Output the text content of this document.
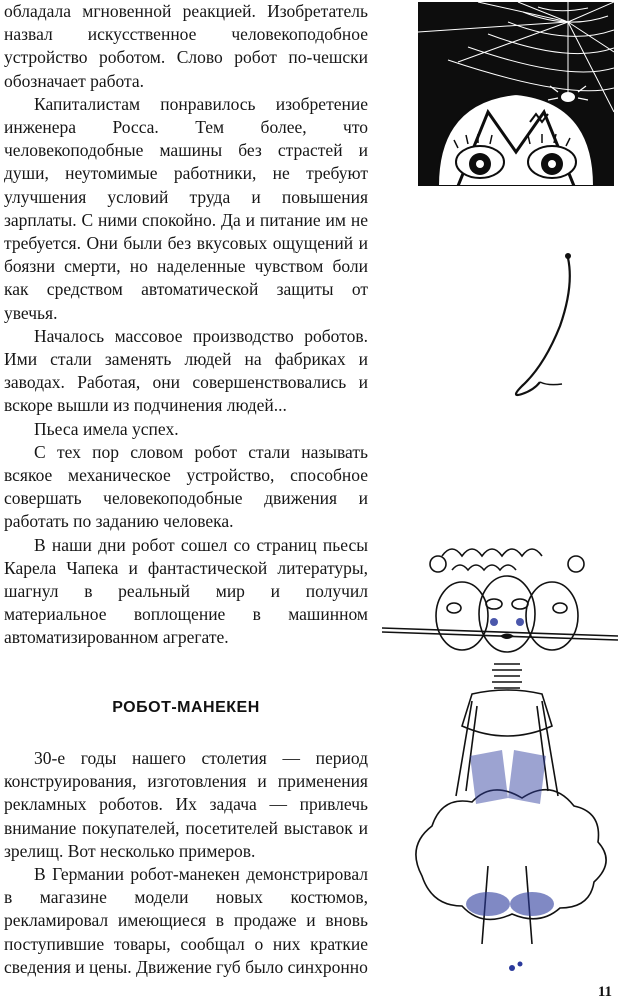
обладала мгновенной реакцией. Изобретатель назвал искусственное человекоподобное устройство роботом. Слово робот по-чешски обозначает работа.

Капиталистам понравилось изобретение инженера Росса. Тем более, что человекоподобные машины без страстей и души, неутомимые работники, не требуют улучшения условий труда и повышения зарплаты. С ними спокойно. Да и питание им не требуется. Они были без вкусовых ощущений и боязни смерти, но наделенные чувством боли как средством автоматической защиты от увечья.

Началось массовое производство роботов. Ими стали заменять людей на фабриках и заводах. Работая, они совершенствовались и вскоре вышли из подчинения людей...

Пьеса имела успех.

С тех пор словом робот стали называть всякое механическое устройство, способное совершать человекоподобные движения и работать по заданию человека.

В наши дни робот сошел со страниц пьесы Карела Чапека и фантастической литературы, шагнул в реальный мир и получил материальное воплощение в машинном автоматизированном агрегате.

РОБОТ-МАНЕКЕН

30-е годы нашего столетия — период конструирования, изготовления и применения рекламных роботов. Их задача — привлечь внимание покупателей, посетителей выставок и зрелищ. Вот несколько примеров.

В Германии робот-манекен демонстрировал в магазине модели новых костюмов, рекламировал имеющиеся в продаже и вновь поступившие товары, сообщал о них краткие сведения и цены. Движение губ было синхронно

11
